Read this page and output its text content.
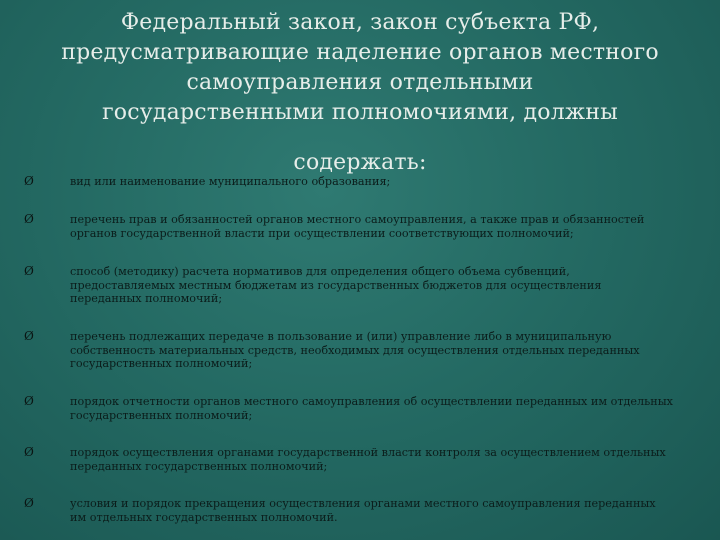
Федеральный закон, закон субъекта РФ,
предусматривающие наделение органов местного
самоуправления отдельными
государственными полномочиями, должны
содержать:
Ø	вид или наименование муниципального образования;
Ø	перечень прав и обязанностей органов местного самоуправления, а также прав и обязанностей органов государственной власти при осуществлении соответствующих полномочий;
Ø	способ (методику) расчета нормативов для определения общего объема субвенций, предоставляемых местным бюджетам из государственных бюджетов для осуществления переданных полномочий;
Ø	перечень подлежащих передаче в пользование и (или) управление либо в муниципальную собственность материальных средств, необходимых для осуществления отдельных переданных государственных полномочий;
Ø	порядок отчетности органов местного самоуправления об осуществлении переданных им отдельных государственных полномочий;
Ø	порядок осуществления органами государственной власти контроля за осуществлением отдельных переданных государственных полномочий;
Ø	условия и порядок прекращения осуществления органами местного самоуправления переданных им отдельных государственных полномочий.
